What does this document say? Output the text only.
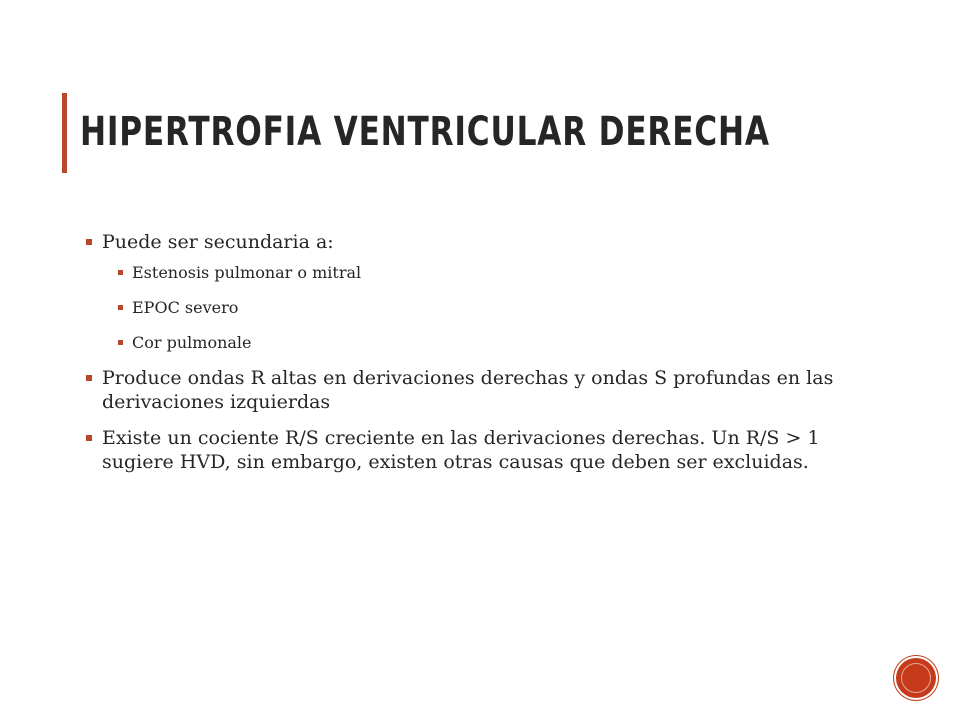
HIPERTROFIA VENTRICULAR DERECHA
Puede ser secundaria a:
Estenosis pulmonar o mitral
EPOC severo
Cor pulmonale
Produce ondas R altas en derivaciones derechas y ondas S profundas en las derivaciones izquierdas
Existe un cociente R/S creciente en las derivaciones derechas. Un R/S > 1 sugiere HVD, sin embargo, existen otras causas que deben ser excluidas.
